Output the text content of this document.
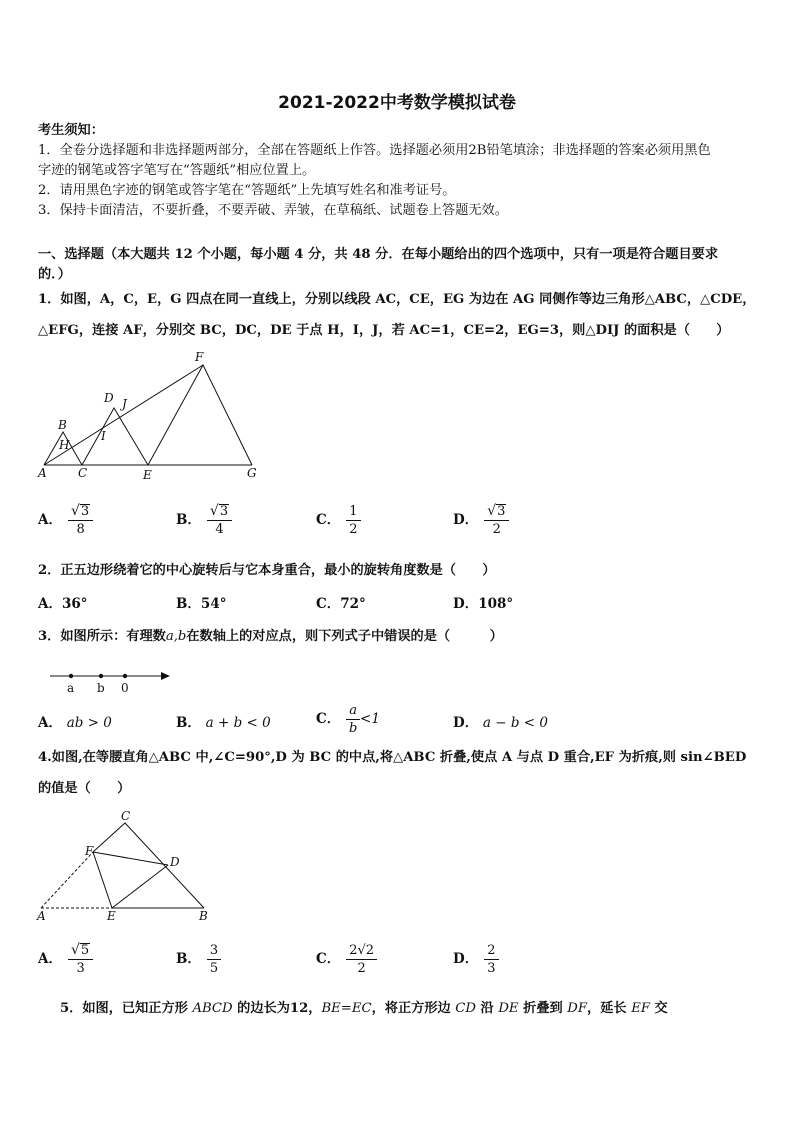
2021-2022中考数学模拟试卷
考生须知：
1．全卷分选择题和非选择题两部分，全部在答题纸上作答。选择题必须用2B铅笔填涂；非选择题的答案必须用黑色
字迹的钢笔或答字笔写在“答题纸”相应位置上。
2．请用黑色字迹的钢笔或答字笔在“答题纸”上先填写姓名和准考证号。
3．保持卡面清洁，不要折叠，不要弄破、弄皱，在草稿纸、试题卷上答题无效。
一、选择题（本大题共 12 个小题，每小题 4 分，共 48 分．在每小题给出的四个选项中，只有一项是符合题目要求
的．）
1．如图，A，C，E，G 四点在同一直线上，分别以线段 AC，CE，EG 为边在 AG 同侧作等边三角形△ABC，△CDE，
△EFG，连接 AF，分别交 BC，DC，DE 于点 H，I，J，若 AC=1，CE=2，EG=3，则△DIJ 的面积是（　　）
A
B
H
C
D J
I
E
F
G
A． $\frac{√ 3}{8}$	B． $\frac{√ 3}{4}$	C． $\frac{1}{2}$	D． $\frac{√ 3}{2}$
2．正五边形绕着它的中心旋转后与它本身重合，最小的旋转角度数是（　　）
A．36°	B．54°	C．72°	D．108°
3．如图所示：有理数a,b在数轴上的对应点，则下列式子中错误的是（　　　）
a b 0
A． ab > 0	B． a + b < 0	C． $\frac{a}{b} <1$	D． a − b < 0
4.如图,在等腰直角△ABC 中,∠C=90°,D 为 BC 的中点,将△ABC 折叠,使点 A 与点 D 重合,EF 为折痕,则 sin∠BED
的值是（　　）
C
F
D
A	E	B
A． $\frac{√ 5}{3}$	B． $\frac{3}{5}$	C． $\frac{2√2}{2}$	D． $\frac{2}{3}$
5．如图，已知正方形 ABCD 的边长为12，BE=EC，将正方形边 CD 沿 DE 折叠到 DF，延长 EF 交
